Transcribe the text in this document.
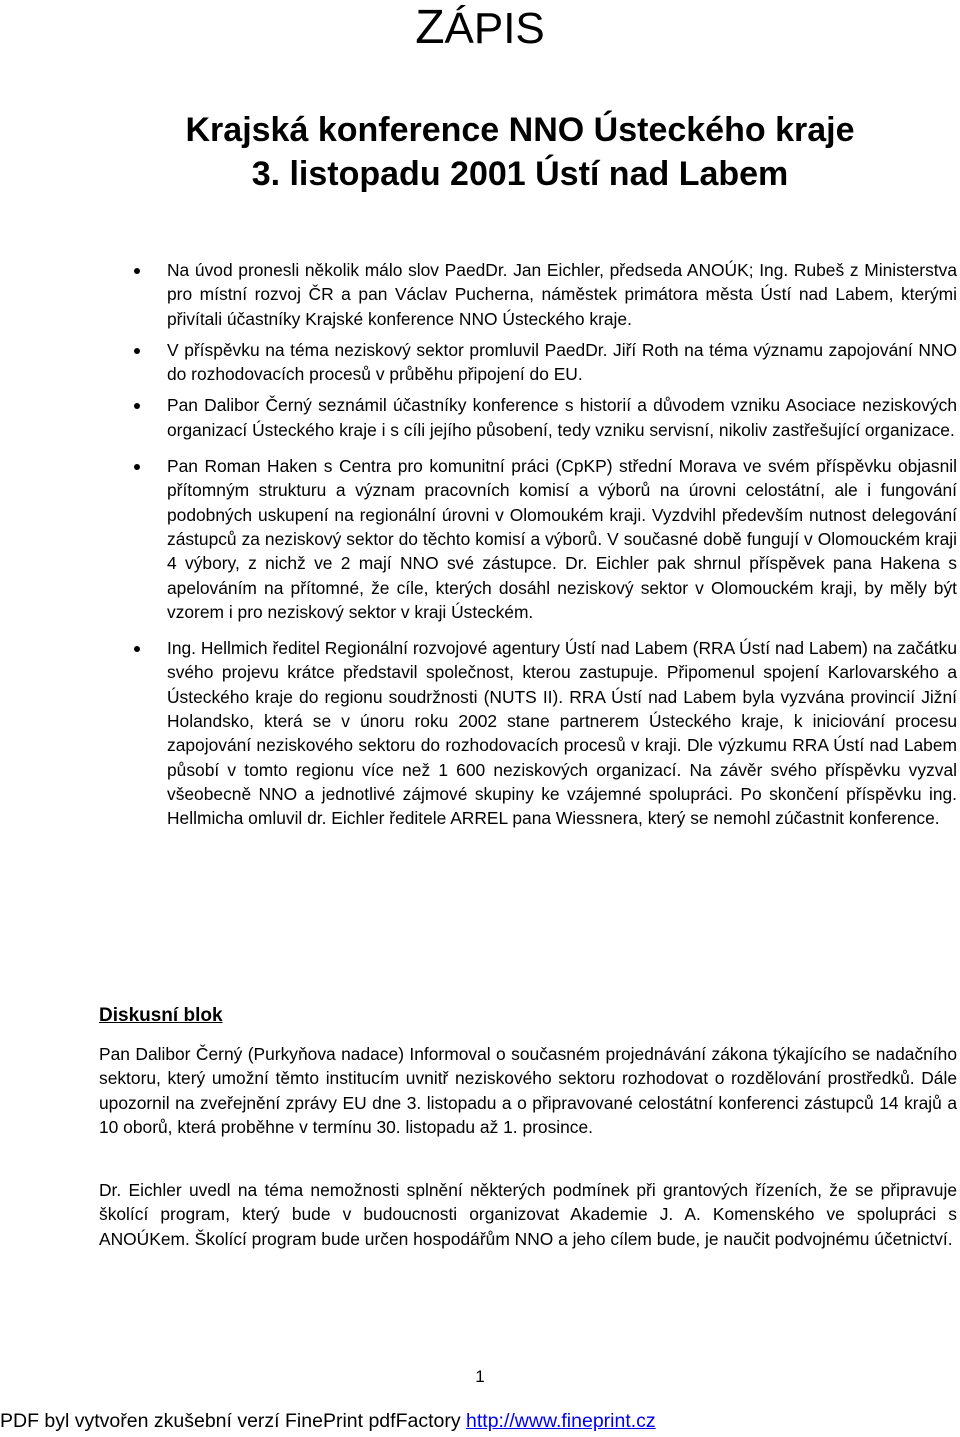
ZÁPIS
Krajská konference NNO Ústeckého kraje
3. listopadu 2001 Ústí nad Labem
Na úvod pronesli několik málo slov PaedDr. Jan Eichler, předseda ANOÚK; Ing. Rubeš z Ministerstva pro místní rozvoj ČR a pan Václav Pucherna, náměstek primátora města Ústí nad Labem, kterými přivítali účastníky Krajské konference NNO Ústeckého kraje.
V příspěvku na téma neziskový sektor promluvil PaedDr. Jiří Roth na téma významu zapojování NNO do rozhodovacích procesů v průběhu připojení do EU.
Pan Dalibor Černý seznámil účastníky konference s historií a důvodem vzniku Asociace neziskových organizací Ústeckého kraje i s cíli jejího působení, tedy vzniku servisní, nikoliv zastřešující organizace.
Pan Roman Haken s Centra pro komunitní práci (CpKP) střední Morava ve svém příspěvku objasnil přítomným strukturu a význam pracovních komisí a výborů na úrovni celostátní, ale i fungování podobných uskupení na regionální úrovni v Olomoukém kraji. Vyzdvihl především nutnost delegování zástupců za neziskový sektor do těchto komisí a výborů. V současné době fungují v Olomouckém kraji 4 výbory, z nichž ve 2 mají NNO své zástupce. Dr. Eichler pak shrnul příspěvek pana Hakena s apelováním na přítomné, že cíle, kterých dosáhl neziskový sektor v Olomouckém kraji, by měly být vzorem i pro neziskový sektor v kraji Ústeckém.
Ing. Hellmich ředitel Regionální rozvojové agentury Ústí nad Labem (RRA Ústí nad Labem) na začátku svého projevu krátce představil společnost, kterou zastupuje. Připomenul spojení Karlovarského a Ústeckého kraje do regionu soudržnosti (NUTS II). RRA Ústí nad Labem byla vyzvána provincií Jižní Holandsko, která se v únoru roku 2002 stane partnerem Ústeckého kraje, k iniciování procesu zapojování neziskového sektoru do rozhodovacích procesů v kraji. Dle výzkumu RRA Ústí nad Labem působí v tomto regionu více než 1 600 neziskových organizací. Na závěr svého příspěvku vyzval všeobecně NNO a jednotlivé zájmové skupiny ke vzájemné spolupráci. Po skončení příspěvku ing. Hellmicha omluvil dr. Eichler ředitele ARREL pana Wiessnera, který se nemohl zúčastnit konference.
Diskusní blok

Pan Dalibor Černý (Purkyňova nadace) Informoval o současném projednávání zákona týkajícího se nadačního sektoru, který umožní těmto institucím uvnitř neziskového sektoru rozhodovat o rozdělování prostředků. Dále upozornil na zveřejnění zprávy EU dne 3. listopadu a o připravované celostátní konferenci zástupců 14 krajů a 10 oborů, která proběhne v termínu 30. listopadu až 1. prosince.

Dr. Eichler uvedl na téma nemožnosti splnění některých podmínek při grantových řízeních, že se připravuje školící program, který bude v budoucnosti organizovat Akademie J. A. Komenského ve spolupráci s ANOÚKem. Školící program bude určen hospodářům NNO a jeho cílem bude, je naučit podvojnému účetnictví.

1
PDF byl vytvořen zkušební verzí FinePrint pdfFactory http://www.fineprint.cz
